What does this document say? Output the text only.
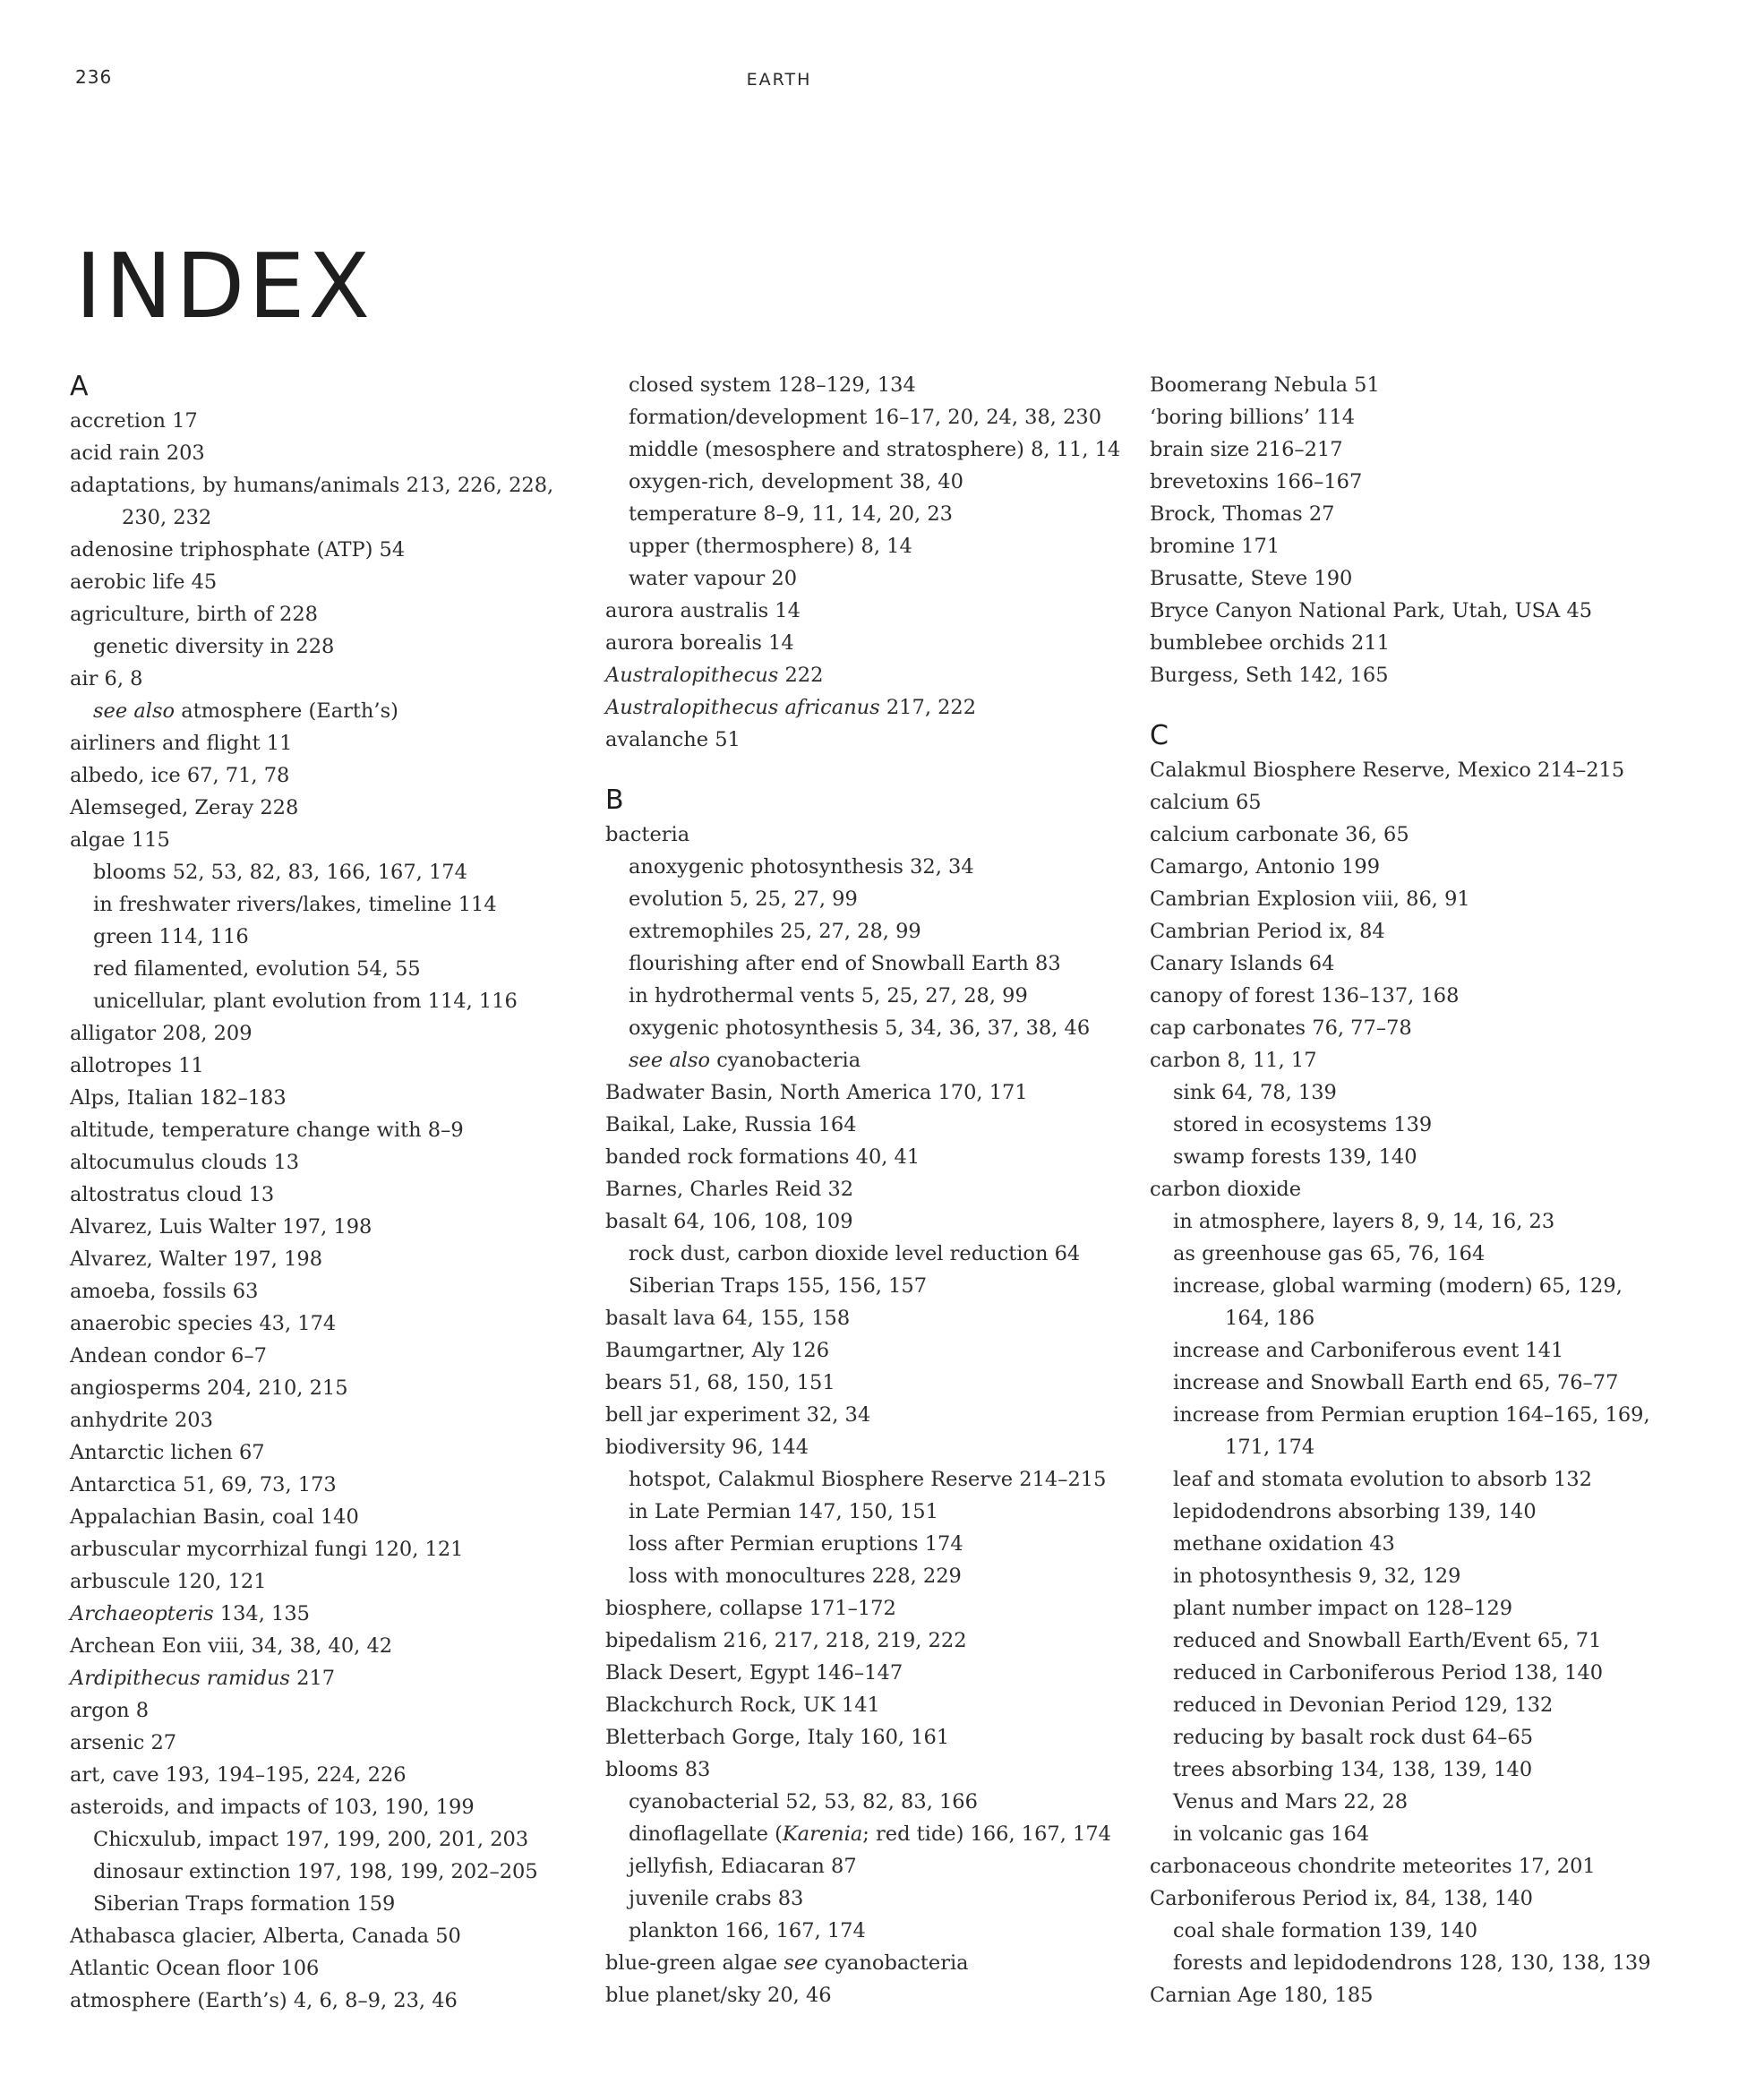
236	EARTH
INDEX
A
accretion 17
acid rain 203
adaptations, by humans/animals 213, 226, 228,
230, 232
adenosine triphosphate (ATP) 54
aerobic life 45
agriculture, birth of 228
genetic diversity in 228
air 6, 8
see also atmosphere (Earth’s)
airliners and flight 11
albedo, ice 67, 71, 78
Alemseged, Zeray 228
algae 115
blooms 52, 53, 82, 83, 166, 167, 174
in freshwater rivers/lakes, timeline 114
green 114, 116
red filamented, evolution 54, 55
unicellular, plant evolution from 114, 116
alligator 208, 209
allotropes 11
Alps, Italian 182–183
altitude, temperature change with 8–9
altocumulus clouds 13
altostratus cloud 13
Alvarez, Luis Walter 197, 198
Alvarez, Walter 197, 198
amoeba, fossils 63
anaerobic species 43, 174
Andean condor 6–7
angiosperms 204, 210, 215
anhydrite 203
Antarctic lichen 67
Antarctica 51, 69, 73, 173
Appalachian Basin, coal 140
arbuscular mycorrhizal fungi 120, 121
arbuscule 120, 121
Archaeopteris 134, 135
Archean Eon viii, 34, 38, 40, 42
Ardipithecus ramidus 217
argon 8
arsenic 27
art, cave 193, 194–195, 224, 226
asteroids, and impacts of 103, 190, 199
Chicxulub, impact 197, 199, 200, 201, 203
dinosaur extinction 197, 198, 199, 202–205
Siberian Traps formation 159
Athabasca glacier, Alberta, Canada 50
Atlantic Ocean floor 106
atmosphere (Earth’s) 4, 6, 8–9, 23, 46
closed system 128–129, 134
formation/development 16–17, 20, 24, 38, 230
middle (mesosphere and stratosphere) 8, 11, 14
oxygen-rich, development 38, 40
temperature 8–9, 11, 14, 20, 23
upper (thermosphere) 8, 14
water vapour 20
aurora australis 14
aurora borealis 14
Australopithecus 222
Australopithecus africanus 217, 222
avalanche 51
B
bacteria
anoxygenic photosynthesis 32, 34
evolution 5, 25, 27, 99
extremophiles 25, 27, 28, 99
flourishing after end of Snowball Earth 83
in hydrothermal vents 5, 25, 27, 28, 99
oxygenic photosynthesis 5, 34, 36, 37, 38, 46
see also cyanobacteria
Badwater Basin, North America 170, 171
Baikal, Lake, Russia 164
banded rock formations 40, 41
Barnes, Charles Reid 32
basalt 64, 106, 108, 109
rock dust, carbon dioxide level reduction 64
Siberian Traps 155, 156, 157
basalt lava 64, 155, 158
Baumgartner, Aly 126
bears 51, 68, 150, 151
bell jar experiment 32, 34
biodiversity 96, 144
hotspot, Calakmul Biosphere Reserve 214–215
in Late Permian 147, 150, 151
loss after Permian eruptions 174
loss with monocultures 228, 229
biosphere, collapse 171–172
bipedalism 216, 217, 218, 219, 222
Black Desert, Egypt 146–147
Blackchurch Rock, UK 141
Bletterbach Gorge, Italy 160, 161
blooms 83
cyanobacterial 52, 53, 82, 83, 166
dinoflagellate (Karenia; red tide) 166, 167, 174
jellyfish, Ediacaran 87
juvenile crabs 83
plankton 166, 167, 174
blue-green algae see cyanobacteria
blue planet/sky 20, 46
Boomerang Nebula 51
‘boring billions’ 114
brain size 216–217
brevetoxins 166–167
Brock, Thomas 27
bromine 171
Brusatte, Steve 190
Bryce Canyon National Park, Utah, USA 45
bumblebee orchids 211
Burgess, Seth 142, 165
C
Calakmul Biosphere Reserve, Mexico 214–215
calcium 65
calcium carbonate 36, 65
Camargo, Antonio 199
Cambrian Explosion viii, 86, 91
Cambrian Period ix, 84
Canary Islands 64
canopy of forest 136–137, 168
cap carbonates 76, 77–78
carbon 8, 11, 17
sink 64, 78, 139
stored in ecosystems 139
swamp forests 139, 140
carbon dioxide
in atmosphere, layers 8, 9, 14, 16, 23
as greenhouse gas 65, 76, 164
increase, global warming (modern) 65, 129,
164, 186
increase and Carboniferous event 141
increase and Snowball Earth end 65, 76–77
increase from Permian eruption 164–165, 169,
171, 174
leaf and stomata evolution to absorb 132
lepidodendrons absorbing 139, 140
methane oxidation 43
in photosynthesis 9, 32, 129
plant number impact on 128–129
reduced and Snowball Earth/Event 65, 71
reduced in Carboniferous Period 138, 140
reduced in Devonian Period 129, 132
reducing by basalt rock dust 64–65
trees absorbing 134, 138, 139, 140
Venus and Mars 22, 28
in volcanic gas 164
carbonaceous chondrite meteorites 17, 201
Carboniferous Period ix, 84, 138, 140
coal shale formation 139, 140
forests and lepidodendrons 128, 130, 138, 139
Carnian Age 180, 185
